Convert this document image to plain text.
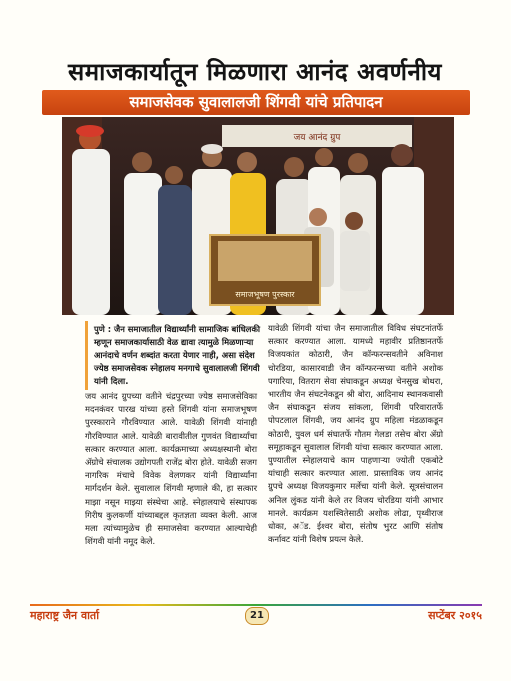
समाजकार्यातून मिळणारा आनंद अवर्णनीय
समाजसेवक सुवालालजी शिंगवी यांचे प्रतिपादन
जय आनंद ग्रुप
समाजभूषण पुरस्कार
पुणे : जैन समाजातील विद्यार्थ्यांनी सामाजिक बांधिलकी म्हणून समाजकार्यासाठी वेळ द्यावा त्यामुळे मिळणाऱ्या आनंदाचे वर्णन शब्दांत करता येणार नाही, असा संदेश ज्येष्ठ समाजसेवक स्नेहालय मनगाचे सुवालालजी शिंगवी यांनी दिला.
जय आनंद ग्रुपच्या वतीने चंद्रपुरच्या ज्येष्ठ समाजसेविका मदनकंवर पारख यांच्या हस्ते शिंगवी यांना समाजभूषण पुरस्काराने गौरविण्यात आले. यावेळी शिंगवी यांनाही गौरविण्यात आले. यावेळी बारावीतील गुणवंत विद्यार्थ्यांचा सत्कार करण्यात आला. कार्यक्रमाच्या अध्यक्षस्थानी बोरा ॲग्रोचे संचालक उद्योगपती राजेंद्र बोरा होते. यावेळी सजग नागरिक मंचाचे विवेक वेलणकर यांनी विद्यार्थ्यांना मार्गदर्शन केले. सुवालाल शिंगवी म्हणाले की, हा सत्कार माझा नसून माझ्या संस्थेचा आहे. स्नेहालयाचे संस्थापक गिरीष कुलकर्णी यांच्याबद्दल कृतज्ञता व्यक्त केली. आज मला त्यांच्यामुळेच ही समाजसेवा करण्यात आल्याचेही शिंगवी यांनी नमूद केले.
यावेळी शिंगवी यांचा जैन समाजातील विविध संघटनांतर्फे सत्कार करण्यात आला. यामध्ये महावीर प्रतिष्ठानतर्फे विजयकांत कोठारी, जैन कॉन्फरन्सवतीने अविनाश चोरडिया, कासारवाडी जैन कॉन्फरन्सच्या वतीने अशोक पगारिया, वितराग सेवा संघाकडून अध्यक्ष चेनसुख बोथरा, भारतीय जैन संघटनेकडून श्री बोरा, आदिनाथ स्थानकवासी जैन संघाकडून संजय सांकला, शिंगवी परिवारातर्फे पोपटलाल शिंगवी, जय आनंद ग्रुप महिला मंडळाकडून कोठारी, युवल धर्म संघातर्फे गौतम गेलडा तसेच बोरा ॲग्रो समूहाकडून सुवालाल शिंगवी यांचा सत्कार करण्यात आला. पुण्यातील स्नेहालयाचे काम पाहणाऱ्या ज्योती एकबोटे यांचाही सत्कार करण्यात आला. प्रास्ताविक जय आनंद ग्रुपचे अध्यक्ष विजयकुमार मर्लेचा यांनी केले. सूत्रसंचालन अनिल लुंकड यांनी केले तर विजय चोरडिया यांनी आभार मानले. कार्यक्रम यशस्वितेसाठी अशोक लोढा, पृथ्वीराज धोका, अॅड. ईश्वर बोरा, संतोष भुरट आणि संतोष कर्नावट यांनी विशेष प्रयत्न केले.
महाराष्ट्र जैन वार्ता	21	सप्टेंबर २०१५
